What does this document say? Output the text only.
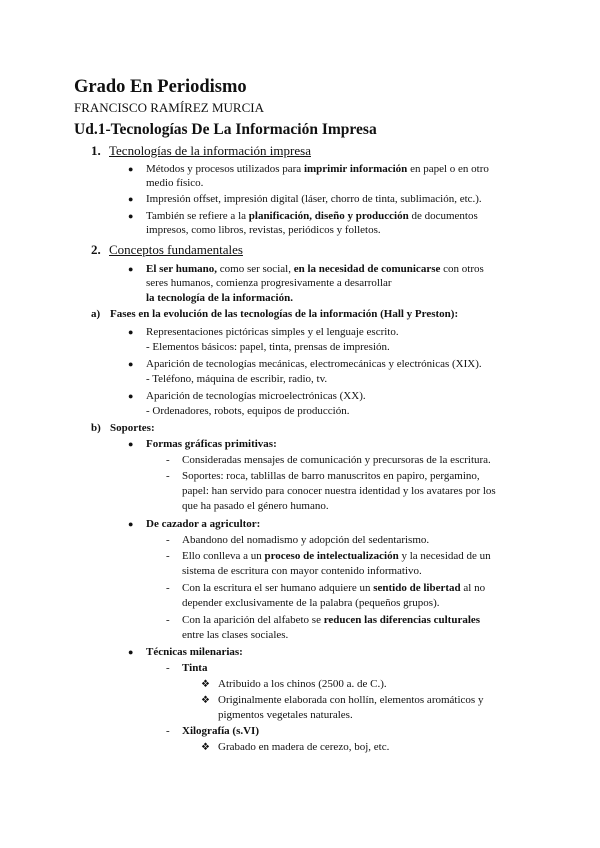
Grado En Periodismo
FRANCISCO RAMÍREZ MURCIA
Ud.1-Tecnologías De La Información Impresa
1. Tecnologías de la información impresa
● Métodos y procesos utilizados para imprimir información en papel o en otro
medio físico.
● Impresión offset, impresión digital (láser, chorro de tinta, sublimación, etc.).
● También se refiere a la planificación, diseño y producción de documentos
impresos, como libros, revistas, periódicos y folletos.
2. Conceptos fundamentales
● El ser humano, como ser social, en la necesidad de comunicarse con otros
seres humanos, comienza progresivamente a desarrollar
la tecnología de la información.
a) Fases en la evolución de las tecnologías de la información (Hall y Preston):
● Representaciones pictóricas simples y el lenguaje escrito.
- Elementos básicos: papel, tinta, prensas de impresión.
● Aparición de tecnologías mecánicas, electromecánicas y electrónicas (XIX).
- Teléfono, máquina de escribir, radio, tv.
● Aparición de tecnologías microelectrónicas (XX).
- Ordenadores, robots, equipos de producción.
b) Soportes:
● Formas gráficas primitivas:
- Consideradas mensajes de comunicación y precursoras de la escritura.
- Soportes: roca, tablillas de barro manuscritos en papiro, pergamino,
papel: han servido para conocer nuestra identidad y los avatares por los
que ha pasado el género humano.
● De cazador a agricultor:
- Abandono del nomadismo y adopción del sedentarismo.
- Ello conlleva a un proceso de intelectualización y la necesidad de un
sistema de escritura con mayor contenido informativo.
- Con la escritura el ser humano adquiere un sentido de libertad al no
depender exclusivamente de la palabra (pequeños grupos).
- Con la aparición del alfabeto se reducen las diferencias culturales
entre las clases sociales.
● Técnicas milenarias:
- Tinta
❖ Atribuido a los chinos (2500 a. de C.).
❖ Originalmente elaborada con hollín, elementos aromáticos y
pigmentos vegetales naturales.
- Xilografía (s.VI)
❖ Grabado en madera de cerezo, boj, etc.
